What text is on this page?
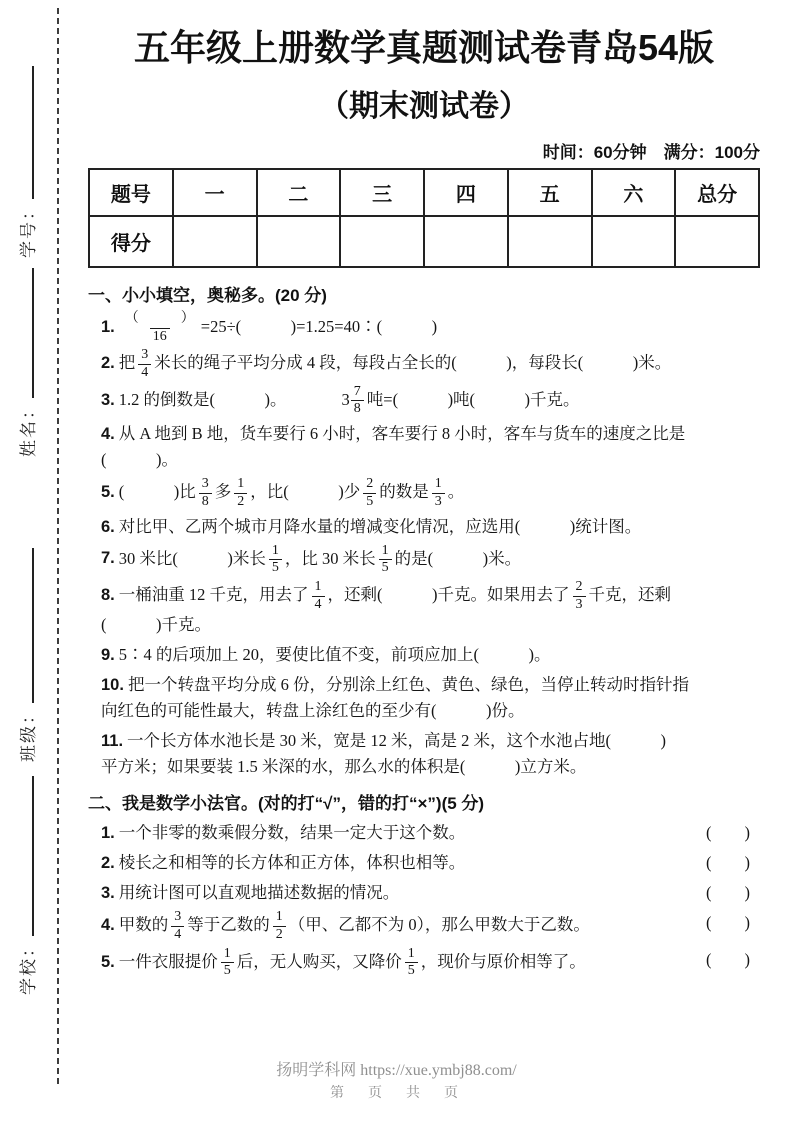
学号：
姓名：
班级：
学校：
五年级上册数学真题测试卷青岛54版
（期末测试卷）
时间：60分钟　满分：100分
题号	一	二	三	四	五	六	总分
得分							
一、小小填空，奥秘多。(20 分)
1. $\frac{( )}{16} =25\div$(　　　)=1.25=40∶(　　　)
2. 把 $\frac{3}{4}$ 米长的绳子平均分成 4 段，每段占全长的(　　　)，每段长(　　　)米。
3. 1.2 的倒数是(　　　)。	$3 \frac{7}{8}$ 吨=(　　　)吨(　　　)千克。
4. 从 A 地到 B 地，货车要行 6 小时，客车要行 8 小时，客车与货车的速度之比是
(　　　)。
5. (　　　)比 $\frac{3}{8}$ 多 $\frac{1}{2}$ ，比(　　　)少 $\frac{2}{5}$ 的数是 $\frac{1}{3}$ 。
6. 对比甲、乙两个城市月降水量的增减变化情况，应选用(　　　)统计图。
7. 30 米比(　　　)米长 $\frac{1}{5}$ ，比 30 米长 $\frac{1}{5}$ 的是(　　　)米。
8. 一桶油重 12 千克，用去了 $\frac{1}{4}$ ，还剩(　　　)千克。如果用去了 $\frac{2}{3}$ 千克，还剩
(　　　)千克。
9. 5∶4 的后项加上 20，要使比值不变，前项应加上(　　　)。
10. 把一个转盘平均分成 6 份，分别涂上红色、黄色、绿色，当停止转动时指针指
向红色的可能性最大，转盘上涂红色的至少有(　　　)份。
11. 一个长方体水池长是 30 米，宽是 12 米，高是 2 米，这个水池占地(　　　)
平方米；如果要装 1.5 米深的水，那么水的体积是(　　　)立方米。
二、我是数学小法官。(对的打“√”，错的打“×”)(5 分)
1. 一个非零的数乘假分数，结果一定大于这个数。	(　　)
2. 棱长之和相等的长方体和正方体，体积也相等。	(　　)
3. 用统计图可以直观地描述数据的情况。	(　　)
4. 甲数的 $\frac{3}{4}$ 等于乙数的 $\frac{1}{2}$ （甲、乙都不为 0），那么甲数大于乙数。	(　　)
5. 一件衣服提价 $\frac{1}{5}$ 后，无人购买，又降价 $\frac{1}{5}$ ，现价与原价相等了。	(　　)
扬明学科网 https://xue.ymbj88.com/
第　页　共　页
